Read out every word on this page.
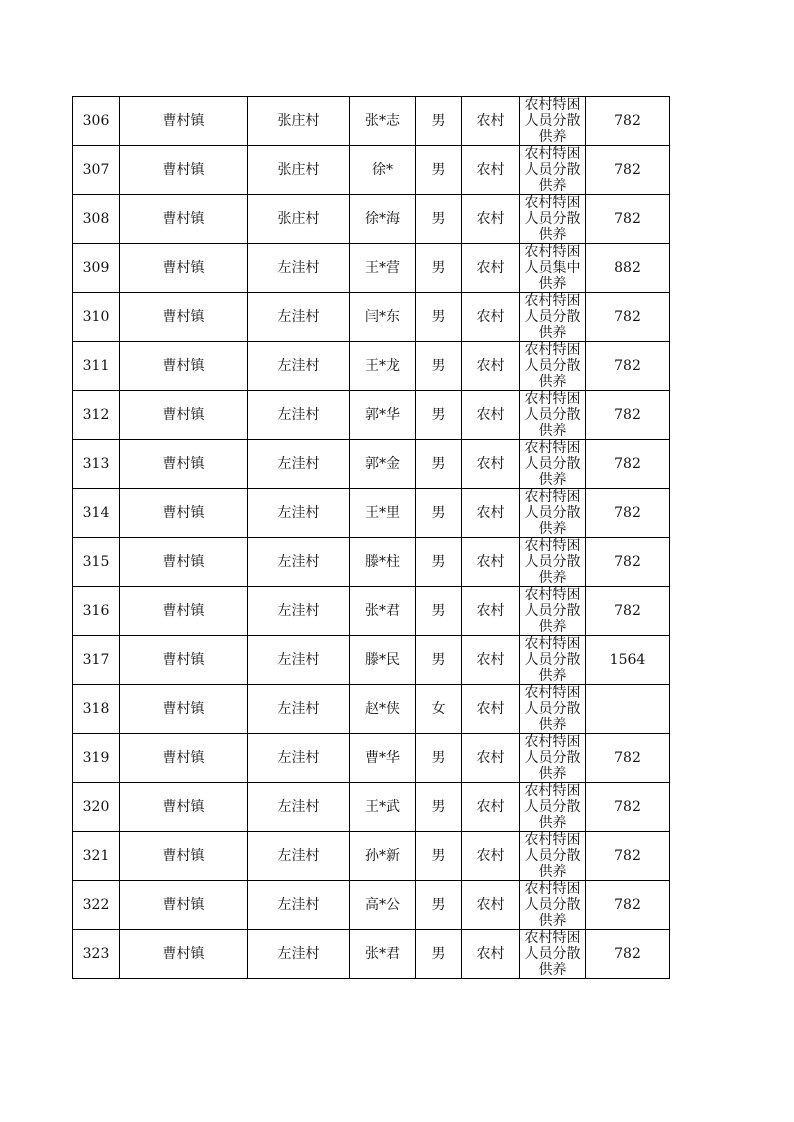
306	曹村镇	张庄村	张*志	男	农村	农村特困人员分散供养	782
307	曹村镇	张庄村	徐*	男	农村	农村特困人员分散供养	782
308	曹村镇	张庄村	徐*海	男	农村	农村特困人员分散供养	782
309	曹村镇	左洼村	王*营	男	农村	农村特困人员集中供养	882
310	曹村镇	左洼村	闫*东	男	农村	农村特困人员分散供养	782
311	曹村镇	左洼村	王*龙	男	农村	农村特困人员分散供养	782
312	曹村镇	左洼村	郭*华	男	农村	农村特困人员分散供养	782
313	曹村镇	左洼村	郭*金	男	农村	农村特困人员分散供养	782
314	曹村镇	左洼村	王*里	男	农村	农村特困人员分散供养	782
315	曹村镇	左洼村	滕*柱	男	农村	农村特困人员分散供养	782
316	曹村镇	左洼村	张*君	男	农村	农村特困人员分散供养	782
317	曹村镇	左洼村	滕*民	男	农村	农村特困人员分散供养	1564
318	曹村镇	左洼村	赵*侠	女	农村	农村特困人员分散供养	

319	曹村镇	左洼村	曹*华	男	农村	农村特困人员分散供养	782
320	曹村镇	左洼村	王*武	男	农村	农村特困人员分散供养	782
321	曹村镇	左洼村	孙*新	男	农村	农村特困人员分散供养	782
322	曹村镇	左洼村	高*公	男	农村	农村特困人员分散供养	782
323	曹村镇	左洼村	张*君	男	农村	农村特困人员分散供养	782
